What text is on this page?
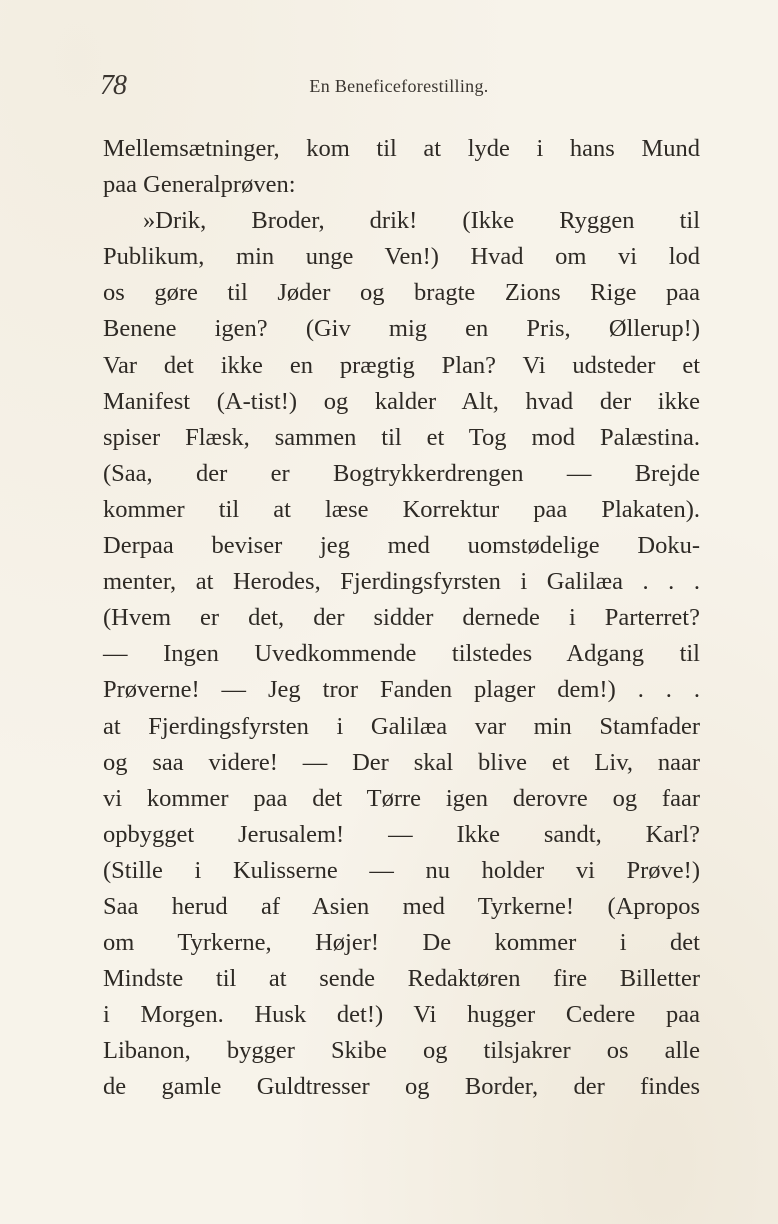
78	En Beneficeforestilling.
Mellemsætninger, kom til at lyde i hans Mund
paa Generalprøven:
»Drik, Broder, drik! (Ikke Ryggen til
Publikum, min unge Ven!) Hvad om vi lod
os gøre til Jøder og bragte Zions Rige paa
Benene igen? (Giv mig en Pris, Øllerup!)
Var det ikke en prægtig Plan? Vi udsteder et
Manifest (A-tist!) og kalder Alt, hvad der ikke
spiser Flæsk, sammen til et Tog mod Palæstina.
(Saa, der er Bogtrykkerdrengen — Brejde
kommer til at læse Korrektur paa Plakaten).
Derpaa beviser jeg med uomstødelige Doku-
menter, at Herodes, Fjerdingsfyrsten i Galilæa . . .
(Hvem er det, der sidder dernede i Parterret?
— Ingen Uvedkommende tilstedes Adgang til
Prøverne! — Jeg tror Fanden plager dem!) . . .
at Fjerdingsfyrsten i Galilæa var min Stamfader
og saa videre! — Der skal blive et Liv, naar
vi kommer paa det Tørre igen derovre og faar
opbygget Jerusalem! — Ikke sandt, Karl?
(Stille i Kulisserne — nu holder vi Prøve!)
Saa herud af Asien med Tyrkerne! (Apropos
om Tyrkerne, Højer! De kommer i det
Mindste til at sende Redaktøren fire Billetter
i Morgen. Husk det!) Vi hugger Cedere paa
Libanon, bygger Skibe og tilsjakrer os alle
de gamle Guldtresser og Border, der findes
